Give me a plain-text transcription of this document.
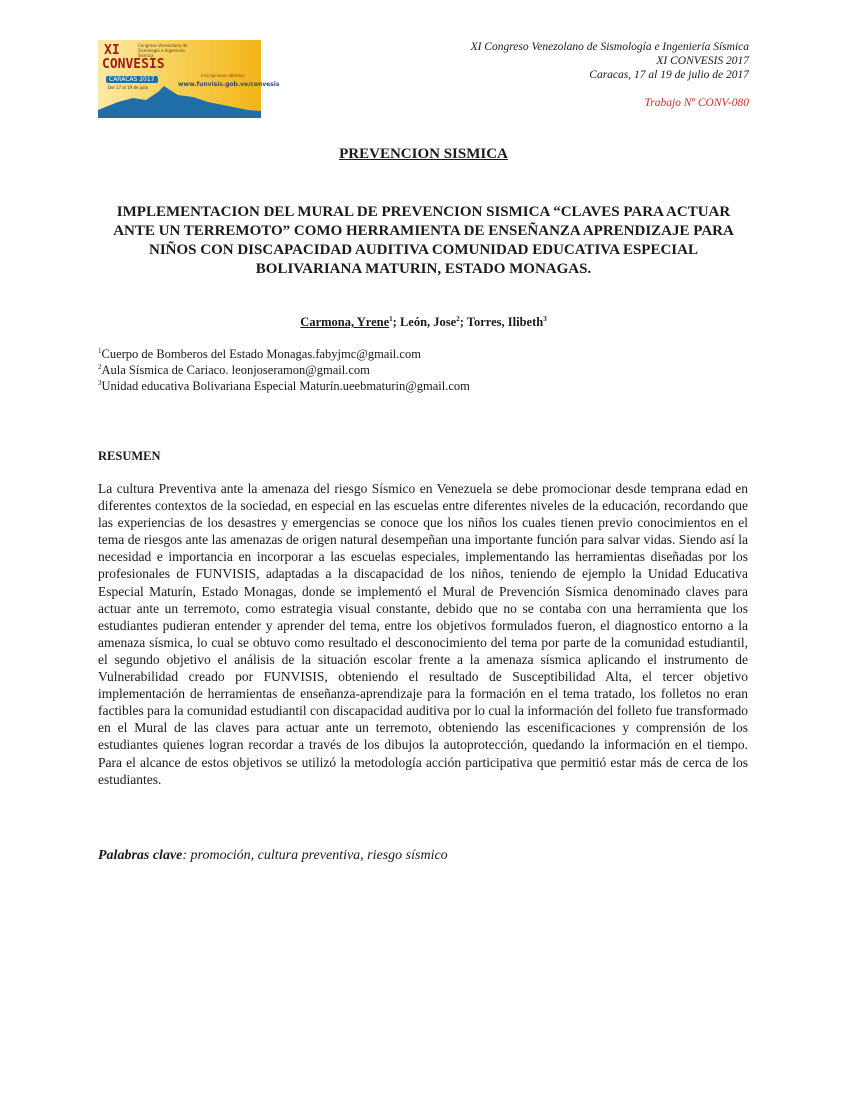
XI	Congreso Venezolano de Sismología e Ingeniería Sísmica
CONVESIS
CARACAS 2017
Del 17 al 19 de julio
Inscripciones abiertas
www.funvisis.gob.ve/convesis
XI Congreso Venezolano de Sismología e Ingeniería Sísmica
XI CONVESIS 2017
Caracas, 17 al 19 de julio de 2017
Trabajo Nº CONV-080
PREVENCION SISMICA
IMPLEMENTACION DEL MURAL DE PREVENCION SISMICA “CLAVES PARA ACTUAR ANTE UN TERREMOTO” COMO HERRAMIENTA DE ENSEÑANZA APRENDIZAJE PARA NIÑOS CON DISCAPACIDAD AUDITIVA COMUNIDAD EDUCATIVA ESPECIAL BOLIVARIANA MATURIN, ESTADO MONAGAS.
Carmona, Yrene$^1$; León, Jose$^2$; Torres, Ilibeth$^3$
$^1$Cuerpo de Bomberos del Estado Monagas.fabyjmc@gmail.com
$^2$Aula Sísmica de Cariaco. leonjoseramon@gmail.com
$^3$Unidad educativa Bolivariana Especial Maturín.ueebmaturin@gmail.com
RESUMEN
La cultura Preventiva ante la amenaza del riesgo Sísmico en Venezuela se debe promocionar desde temprana edad en diferentes contextos de la sociedad, en especial en las escuelas entre diferentes niveles de la educación, recordando que las experiencias de los desastres y emergencias se conoce que los niños los cuales tienen previo conocimientos en el tema de riesgos ante las amenazas de origen natural desempeñan una importante función para salvar vidas. Siendo así la necesidad e importancia en incorporar a las escuelas especiales, implementando las herramientas diseñadas por los profesionales de FUNVISIS, adaptadas a la discapacidad de los niños, teniendo de ejemplo la Unidad Educativa Especial Maturín, Estado Monagas, donde se implementó el Mural de Prevención Sísmica denominado claves para actuar ante un terremoto, como estrategia visual constante, debido que no se contaba con una herramienta que los estudiantes pudieran entender y aprender del tema, entre los objetivos formulados fueron, el diagnostico entorno a la amenaza sísmica, lo cual se obtuvo como resultado el desconocimiento del tema por parte de la comunidad estudiantil, el segundo objetivo el análisis de la situación escolar frente a la amenaza sísmica aplicando el instrumento de Vulnerabilidad creado por FUNVISIS, obteniendo el resultado de Susceptibilidad Alta, el tercer objetivo implementación de herramientas de enseñanza-aprendizaje para la formación en el tema tratado, los folletos no eran factibles para la comunidad estudiantil con discapacidad auditiva por lo cual la información del folleto fue transformado en el Mural de las claves para actuar ante un terremoto, obteniendo las escenificaciones y comprensión de los estudiantes quienes logran recordar a través de los dibujos la autoprotección, quedando la información en el tiempo. Para el alcance de estos objetivos se utilizó la metodología acción participativa que permitió estar más de cerca de los estudiantes.
Palabras clave: promoción, cultura preventiva, riesgo sísmico
